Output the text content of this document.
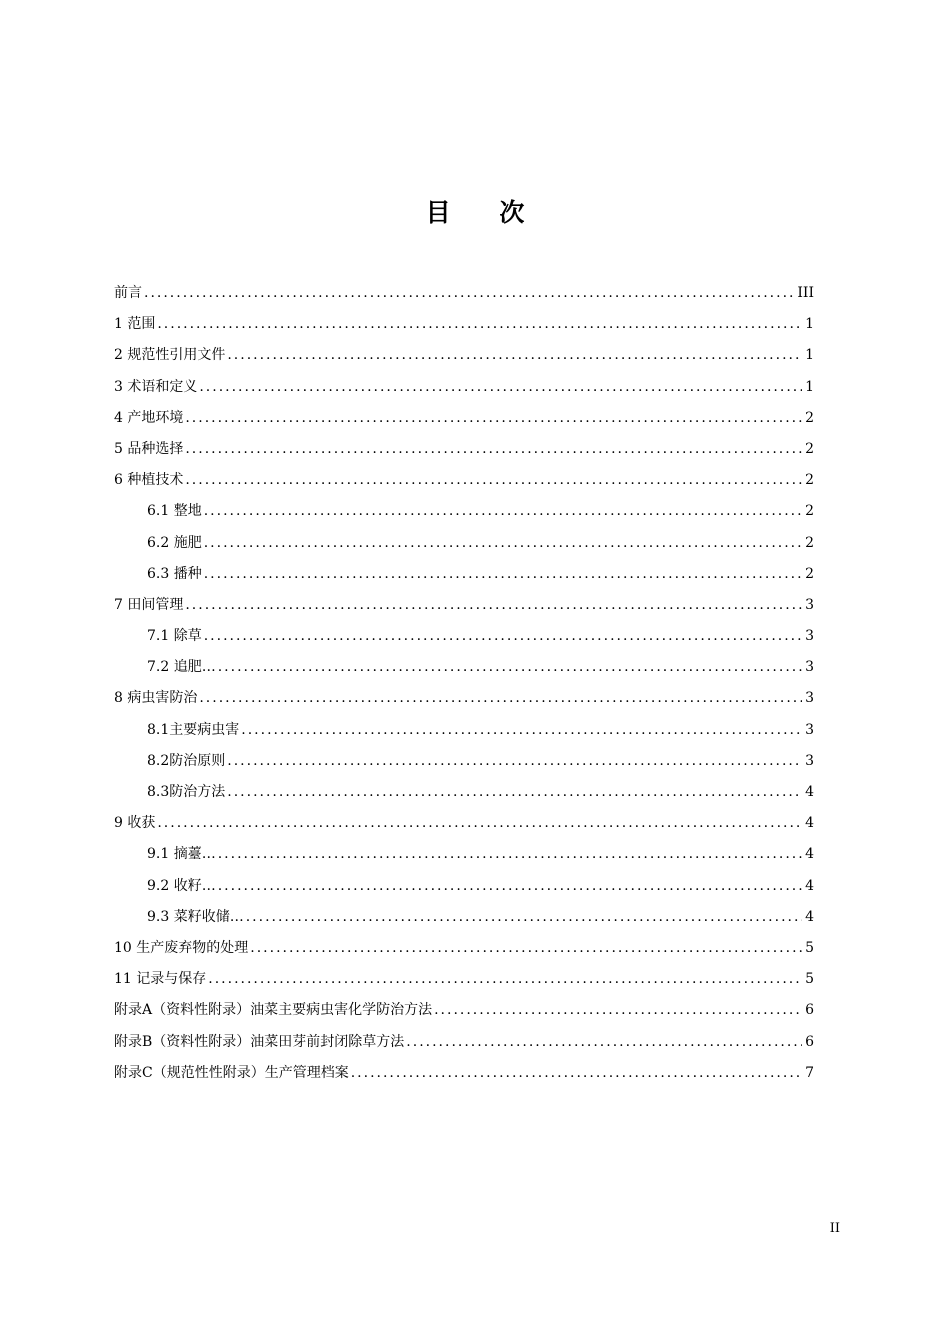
目 次
前言 .....	III
1 范围 .....	1
2 规范性引用文件 .....	1
3 术语和定义 .....	1
4 产地环境 .....	2
5 品种选择 .....	2
6 种植技术 .....	2
6.1 整地 .....	2
6.2 施肥 .....	2
6.3 播种 .....	2
7 田间管理 .....	3
7.1 除草 .....	3
7.2 追肥… .....	3
8 病虫害防治 .....	3
8.1主要病虫害 .....	3
8.2防治原则 .....	3
8.3防治方法 .....	4
9 收获 .....	4
9.1 摘薹… .....	4
9.2 收籽… .....	4
9.3 菜籽收储… .....	4
10 生产废弃物的处理 .....	5
11 记录与保存 .....	5
附录A（资料性附录）油菜主要病虫害化学防治方法 .....	6
附录B（资料性附录）油菜田芽前封闭除草方法 .....	6
附录C（规范性性附录）生产管理档案 .....	7
II
